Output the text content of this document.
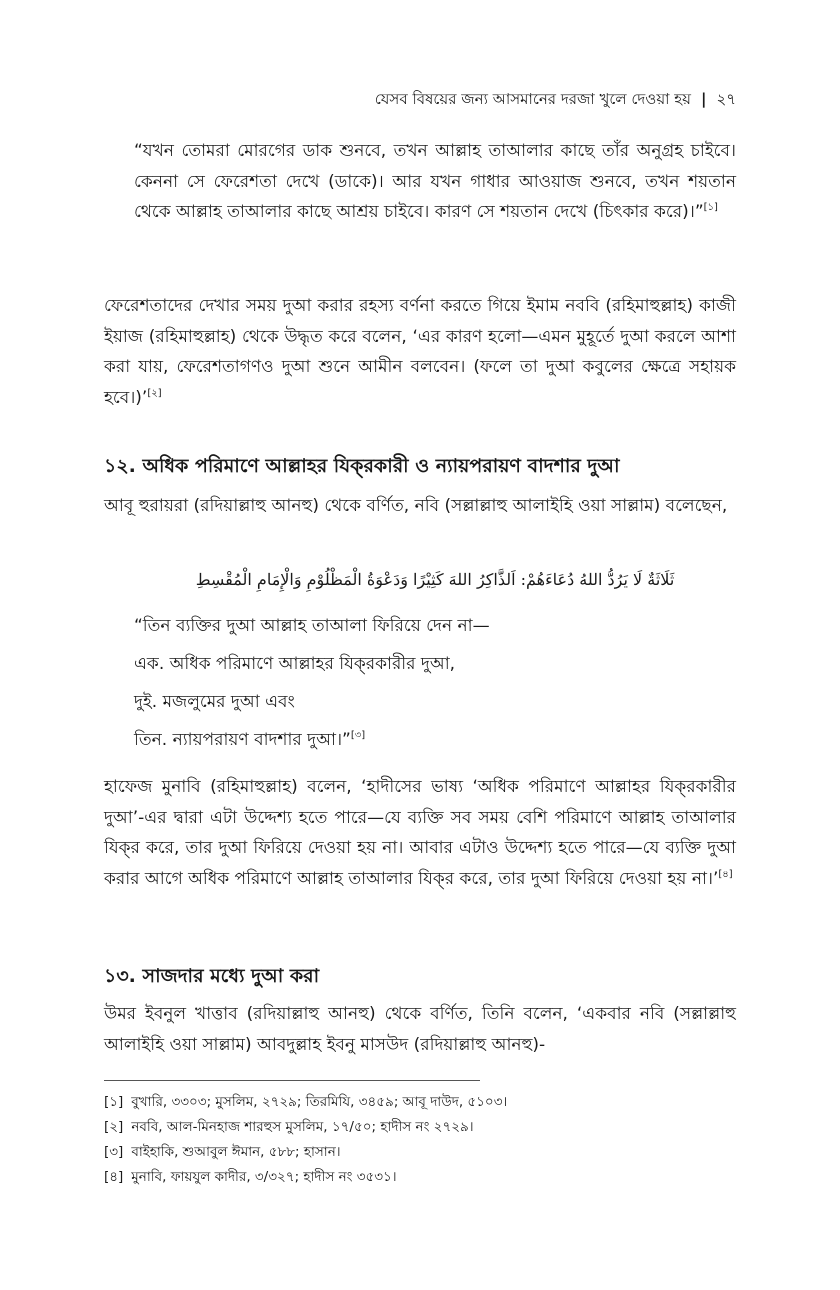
যেসব বিষয়ের জন্য আসমানের দরজা খুলে দেওয়া হয় | ২৭

“যখন তোমরা মোরগের ডাক শুনবে, তখন আল্লাহ তাআলার কাছে তাঁর অনুগ্রহ চাইবে। কেননা সে ফেরেশতা দেখে (ডাকে)। আর যখন গাধার আওয়াজ শুনবে, তখন শয়তান থেকে আল্লাহ তাআলার কাছে আশ্রয় চাইবে। কারণ সে শয়তান দেখে (চিৎকার করে)।”[১]

ফেরেশতাদের দেখার সময় দুআ করার রহস্য বর্ণনা করতে গিয়ে ইমাম নববি (রহিমাহুল্লাহ) কাজী ইয়াজ (রহিমাহুল্লাহ) থেকে উদ্ধৃত করে বলেন, ‘এর কারণ হলো—এমন মুহূর্তে দুআ করলে আশা করা যায়, ফেরেশতাগণও দুআ শুনে আমীন বলবেন। (ফলে তা দুআ কবুলের ক্ষেত্রে সহায়ক হবে।)’[২]

১২. অধিক পরিমাণে আল্লাহর যিক্‌রকারী ও ন্যায়পরায়ণ বাদশার দুআ

আবূ হুরায়রা (রদিয়াল্লাহু আনহু) থেকে বর্ণিত, নবি (সল্লাল্লাহু আলাইহি ওয়া সাল্লাম) বলেছেন,

ثَلَاثَةٌ لَا يَرُدُّ اللهُ دُعَاءَهُمْ: اَلذَّاكِرُ اللهَ كَثِيْرًا وَدَعْوَةُ الْمَظْلُوْمِ وَالْإِمَامِ الْمُقْسِطِ
“তিন ব্যক্তির দুআ আল্লাহ তাআলা ফিরিয়ে দেন না—
এক. অধিক পরিমাণে আল্লাহর যিক্‌রকারীর দুআ,
দুই. মজলুমের দুআ এবং
তিন. ন্যায়পরায়ণ বাদশার দুআ।”[৩]

হাফেজ মুনাবি (রহিমাহুল্লাহ) বলেন, ‘হাদীসের ভাষ্য ‘অধিক পরিমাণে আল্লাহর যিক্‌রকারীর দুআ’-এর দ্বারা এটা উদ্দেশ্য হতে পারে—যে ব্যক্তি সব সময় বেশি পরিমাণে আল্লাহ তাআলার যিক্‌র করে, তার দুআ ফিরিয়ে দেওয়া হয় না। আবার এটাও উদ্দেশ্য হতে পারে—যে ব্যক্তি দুআ করার আগে অধিক পরিমাণে আল্লাহ তাআলার যিক্‌র করে, তার দুআ ফিরিয়ে দেওয়া হয় না।’[৪]

১৩. সাজদার মধ্যে দুআ করা

উমর ইবনুল খাত্তাব (রদিয়াল্লাহু আনহু) থেকে বর্ণিত, তিনি বলেন, ‘একবার নবি (সল্লাল্লাহু আলাইহি ওয়া সাল্লাম) আবদুল্লাহ ইবনু মাসউদ (রদিয়াল্লাহু আনহু)-

[১] বুখারি, ৩৩০৩; মুসলিম, ২৭২৯; তিরমিযি, ৩৪৫৯; আবূ দাউদ, ৫১০৩।
[২] নববি, আল-মিনহাজ শারহুস মুসলিম, ১৭/৫০; হাদীস নং ২৭২৯।
[৩] বাইহাকি, শুআবুল ঈমান, ৫৮৮; হাসান।
[৪] মুনাবি, ফায়যুল কাদীর, ৩/৩২৭; হাদীস নং ৩৫৩১।
